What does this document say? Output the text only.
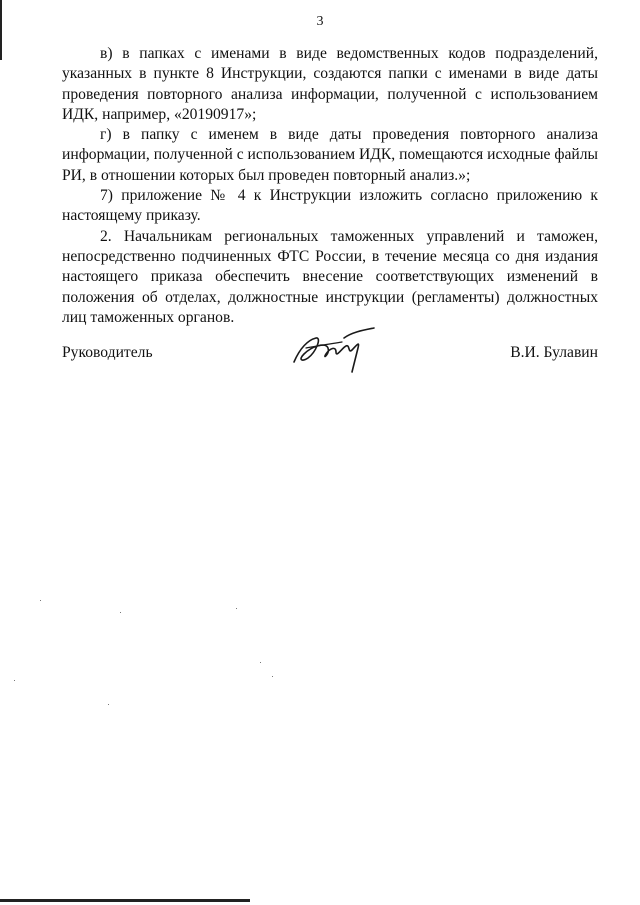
3

в) в папках с именами в виде ведомственных кодов подразделений, указанных в пункте 8 Инструкции, создаются папки с именами в виде даты проведения повторного анализа информации, полученной с использованием ИДК, например, «20190917»;

г) в папку с именем в виде даты проведения повторного анализа информации, полученной с использованием ИДК, помещаются исходные файлы РИ, в отношении которых был проведен повторный анализ.»;

7) приложение № 4 к Инструкции изложить согласно приложению к настоящему приказу.

2. Начальникам региональных таможенных управлений и таможен, непосредственно подчиненных ФТС России, в течение месяца со дня издания настоящего приказа обеспечить внесение соответствующих изменений в положения об отделах, должностные инструкции (регламенты) должностных лиц таможенных органов.

Руководитель	В.И. Булавин
